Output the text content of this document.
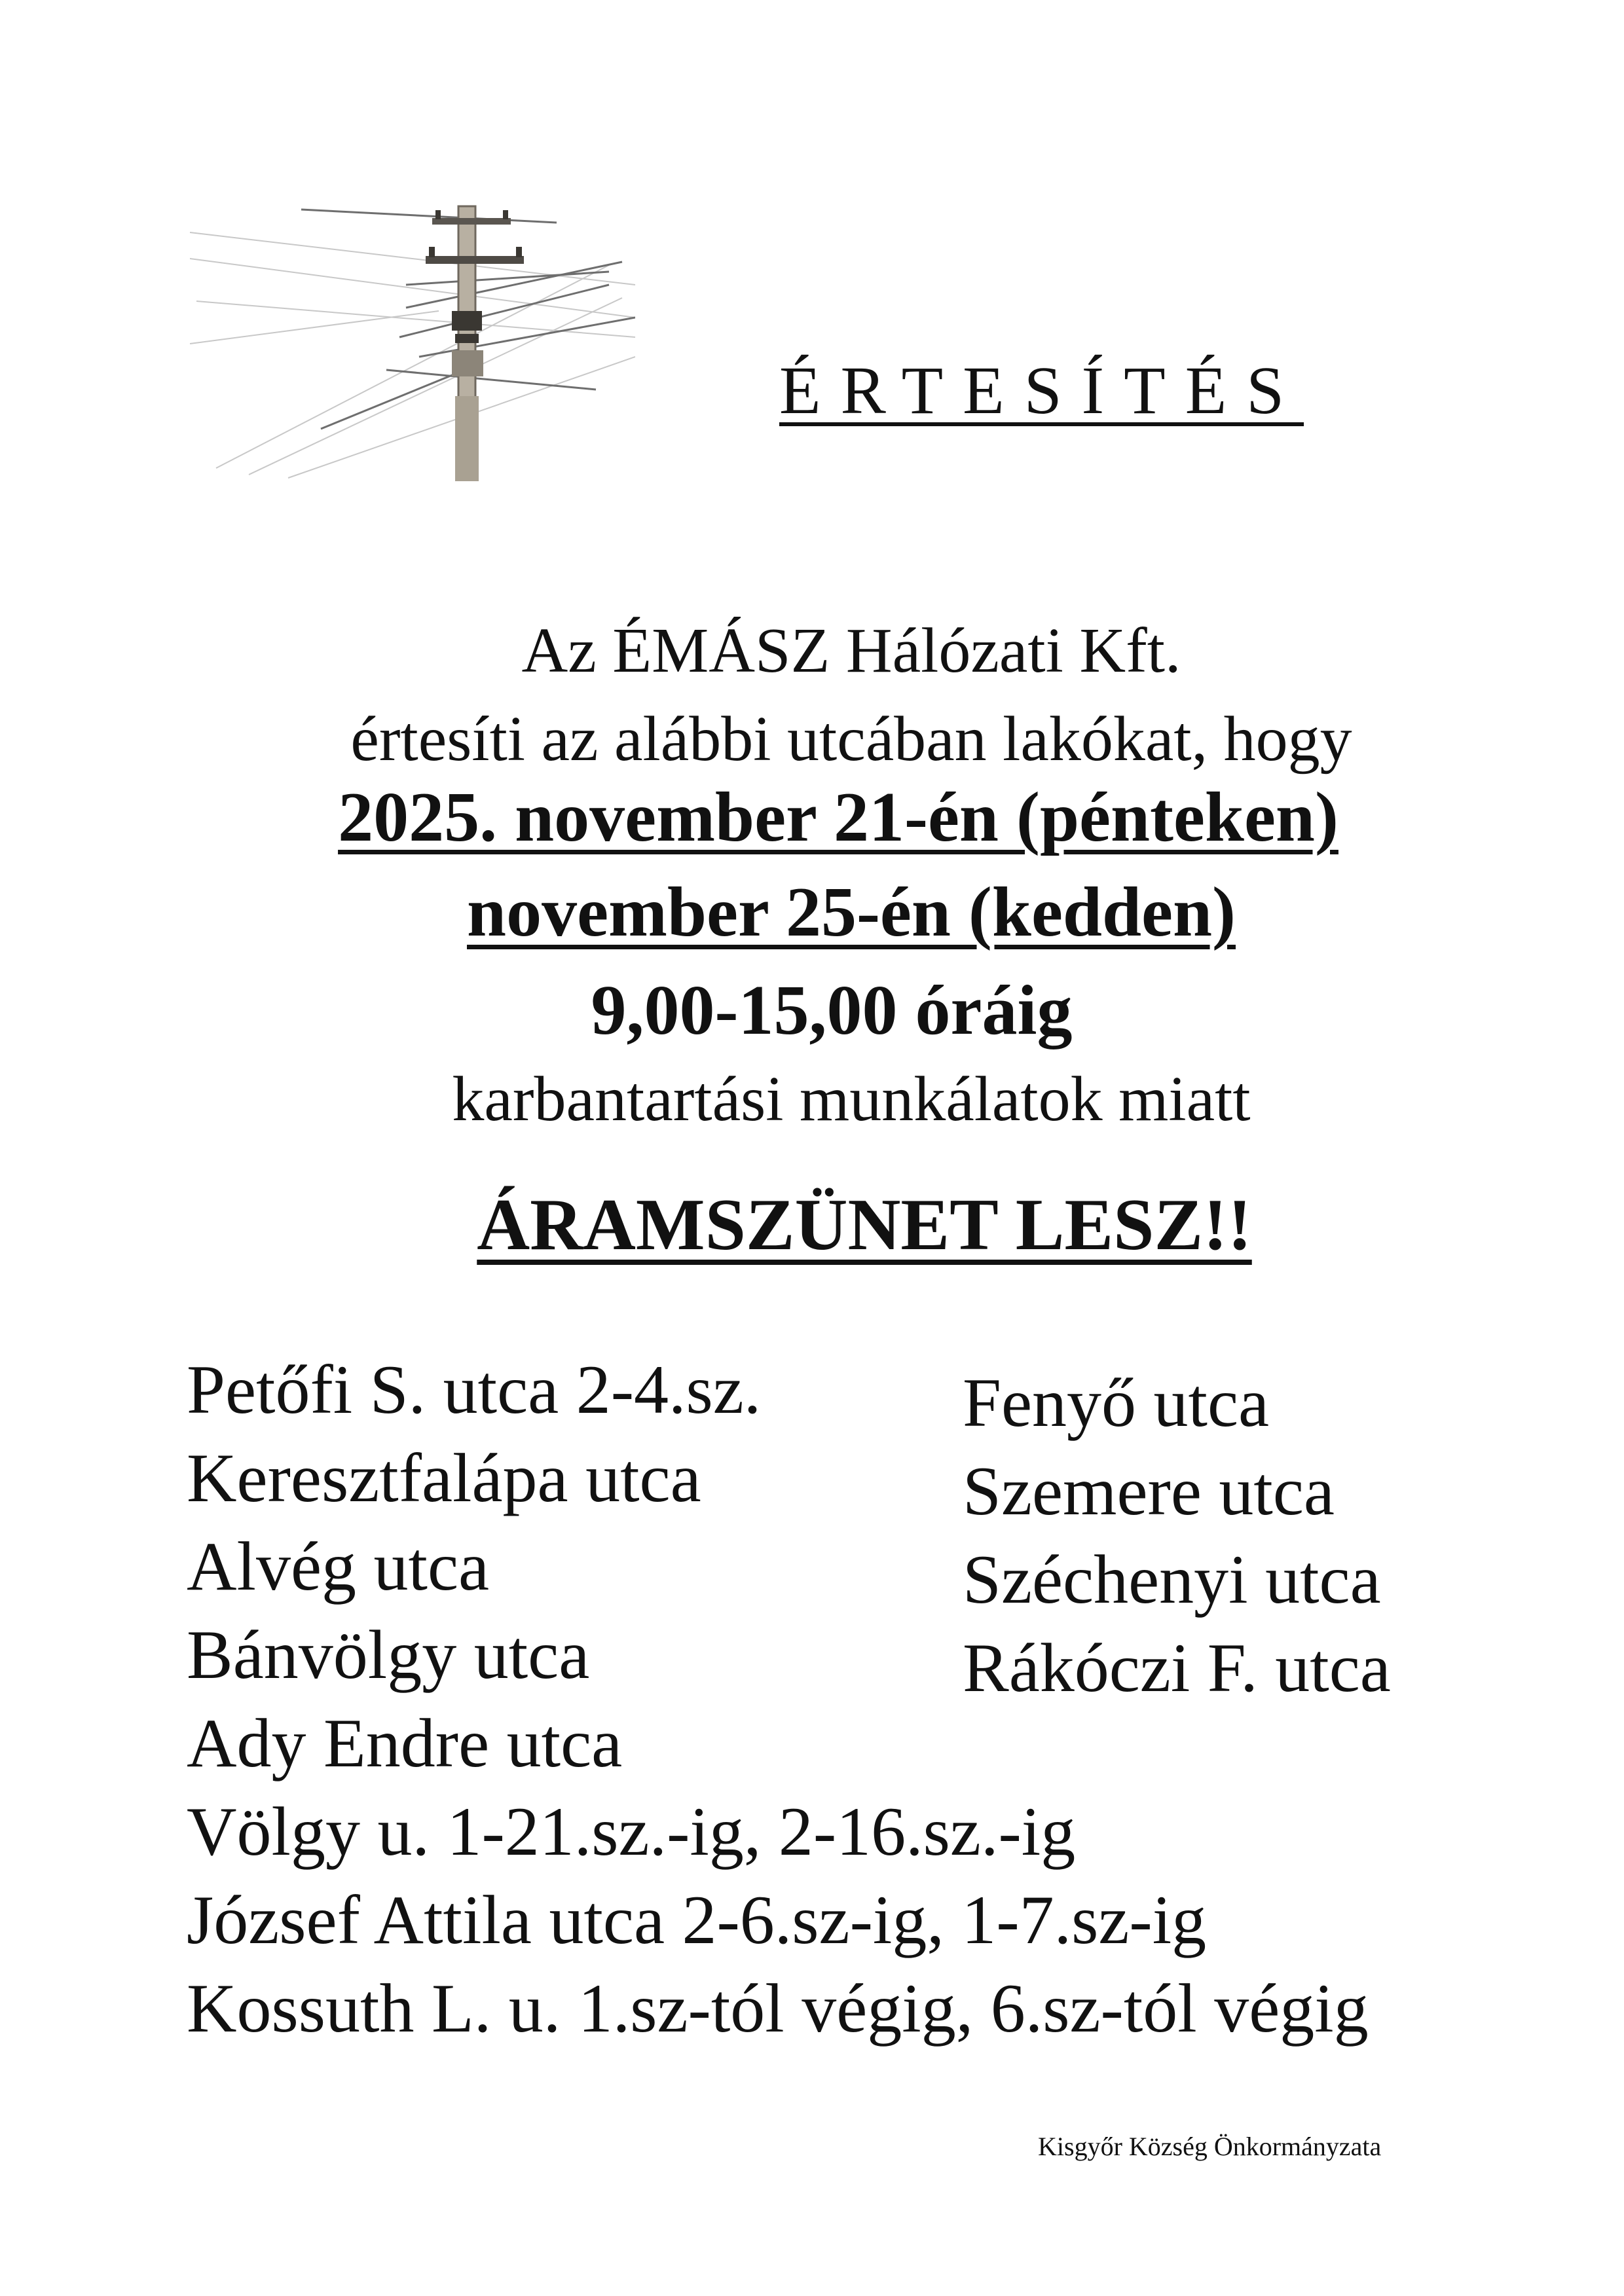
ÉRTESÍTÉS
Az ÉMÁSZ Hálózati Kft.
értesíti az alábbi utcában lakókat, hogy
2025. november 21-én (pénteken)
november 25-én (kedden)
9,00-15,00 óráig
karbantartási munkálatok miatt
ÁRAMSZÜNET LESZ!!
Petőfi S. utca 2-4.sz.
Keresztfalápa utca
Alvég utca
Bánvölgy utca
Ady Endre utca
Völgy u. 1-21.sz.-ig, 2-16.sz.-ig
József Attila utca 2-6.sz-ig, 1-7.sz-ig
Kossuth L. u. 1.sz-tól végig, 6.sz-tól végig
Fenyő utca
Szemere utca
Széchenyi utca
Rákóczi F. utca
Kisgyőr Község Önkormányzata
